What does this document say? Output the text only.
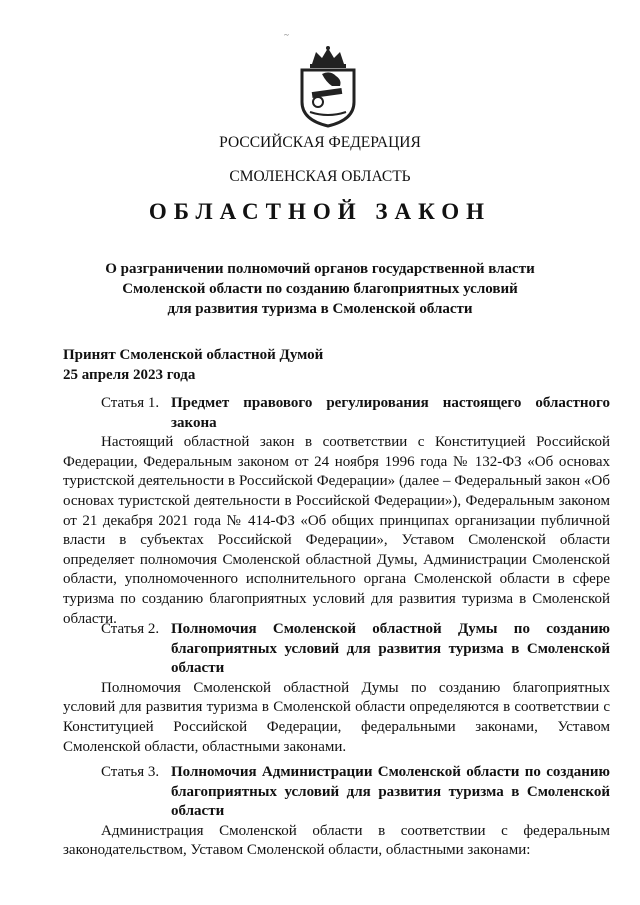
~
РОССИЙСКАЯ ФЕДЕРАЦИЯ
СМОЛЕНСКАЯ ОБЛАСТЬ
ОБЛАСТНОЙ ЗАКОН
О разграничении полномочий органов государственной власти
Смоленской области по созданию благоприятных условий
для развития туризма в Смоленской области
Принят Смоленской областной Думой
25 апреля 2023 года
Статья 1. Предмет правового регулирования настоящего областного закона

Настоящий областной закон в соответствии с Конституцией Российской Федерации, Федеральным законом от 24 ноября 1996 года № 132-ФЗ «Об основах туристской деятельности в Российской Федерации» (далее – Федеральный закон «Об основах туристской деятельности в Российской Федерации»), Федеральным законом от 21 декабря 2021 года № 414-ФЗ «Об общих принципах организации публичной власти в субъектах Российской Федерации», Уставом Смоленской области определяет полномочия Смоленской областной Думы, Администрации Смоленской области, уполномоченного исполнительного органа Смоленской области в сфере туризма по созданию благоприятных условий для развития туризма в Смоленской области.

Статья 2. Полномочия Смоленской областной Думы по созданию благоприятных условий для развития туризма в Смоленской области

Полномочия Смоленской областной Думы по созданию благоприятных условий для развития туризма в Смоленской области определяются в соответствии с Конституцией Российской Федерации, федеральными законами, Уставом Смоленской области, областными законами.

Статья 3. Полномочия Администрации Смоленской области по созданию благоприятных условий для развития туризма в Смоленской области

Администрация Смоленской области в соответствии с федеральным законодательством, Уставом Смоленской области, областными законами:
